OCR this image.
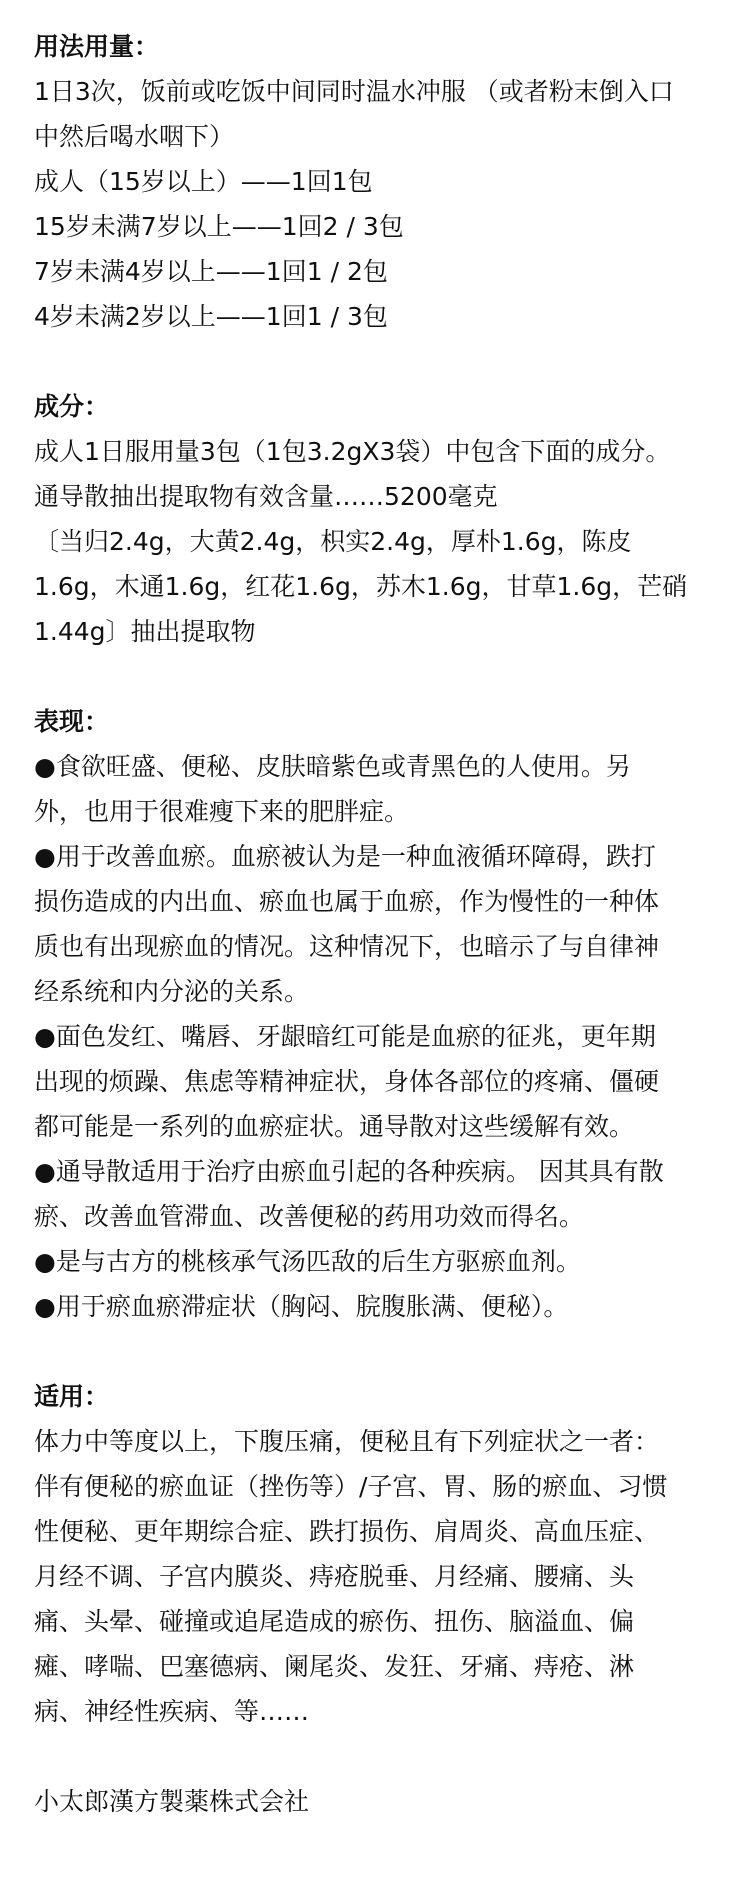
用法用量：
1日3次，饭前或吃饭中间同时温水冲服 （或者粉末倒入口
中然后喝水咽下）
成人（15岁以上）——1回1包
15岁未满7岁以上——1回2 / 3包
7岁未满4岁以上——1回1 / 2包
4岁未满2岁以上——1回1 / 3包
成分：
成人1日服用量3包（1包3.2gX3袋）中包含下面的成分。
通导散抽出提取物有效含量……5200毫克
〔当归2.4g，大黄2.4g，枳实2.4g，厚朴1.6g，陈皮
1.6g，木通1.6g，红花1.6g，苏木1.6g，甘草1.6g，芒硝
1.44g〕抽出提取物
表现：
●食欲旺盛、便秘、皮肤暗紫色或青黑色的人使用。另
外，也用于很难瘦下来的肥胖症。
●用于改善血瘀。血瘀被认为是一种血液循环障碍，跌打
损伤造成的内出血、瘀血也属于血瘀，作为慢性的一种体
质也有出现瘀血的情况。这种情况下，也暗示了与自律神
经系统和内分泌的关系。
●面色发红、嘴唇、牙龈暗红可能是血瘀的征兆，更年期
出现的烦躁、焦虑等精神症状，身体各部位的疼痛、僵硬
都可能是一系列的血瘀症状。通导散对这些缓解有效。
●通导散适用于治疗由瘀血引起的各种疾病。 因其具有散
瘀、改善血管滞血、改善便秘的药用功效而得名。
●是与古方的桃核承气汤匹敌的后生方驱瘀血剂。
●用于瘀血瘀滞症状（胸闷、脘腹胀满、便秘）。
适用：
体力中等度以上，下腹压痛，便秘且有下列症状之一者：
伴有便秘的瘀血证（挫伤等）/子宫、胃、肠的瘀血、习惯
性便秘、更年期综合症、跌打损伤、肩周炎、高血压症、
月经不调、子宫内膜炎、痔疮脱垂、月经痛、腰痛、头
痛、头晕、碰撞或追尾造成的瘀伤、扭伤、脑溢血、偏
瘫、哮喘、巴塞德病、阑尾炎、发狂、牙痛、痔疮、淋
病、神经性疾病、等……
小太郎漢方製薬株式会社
